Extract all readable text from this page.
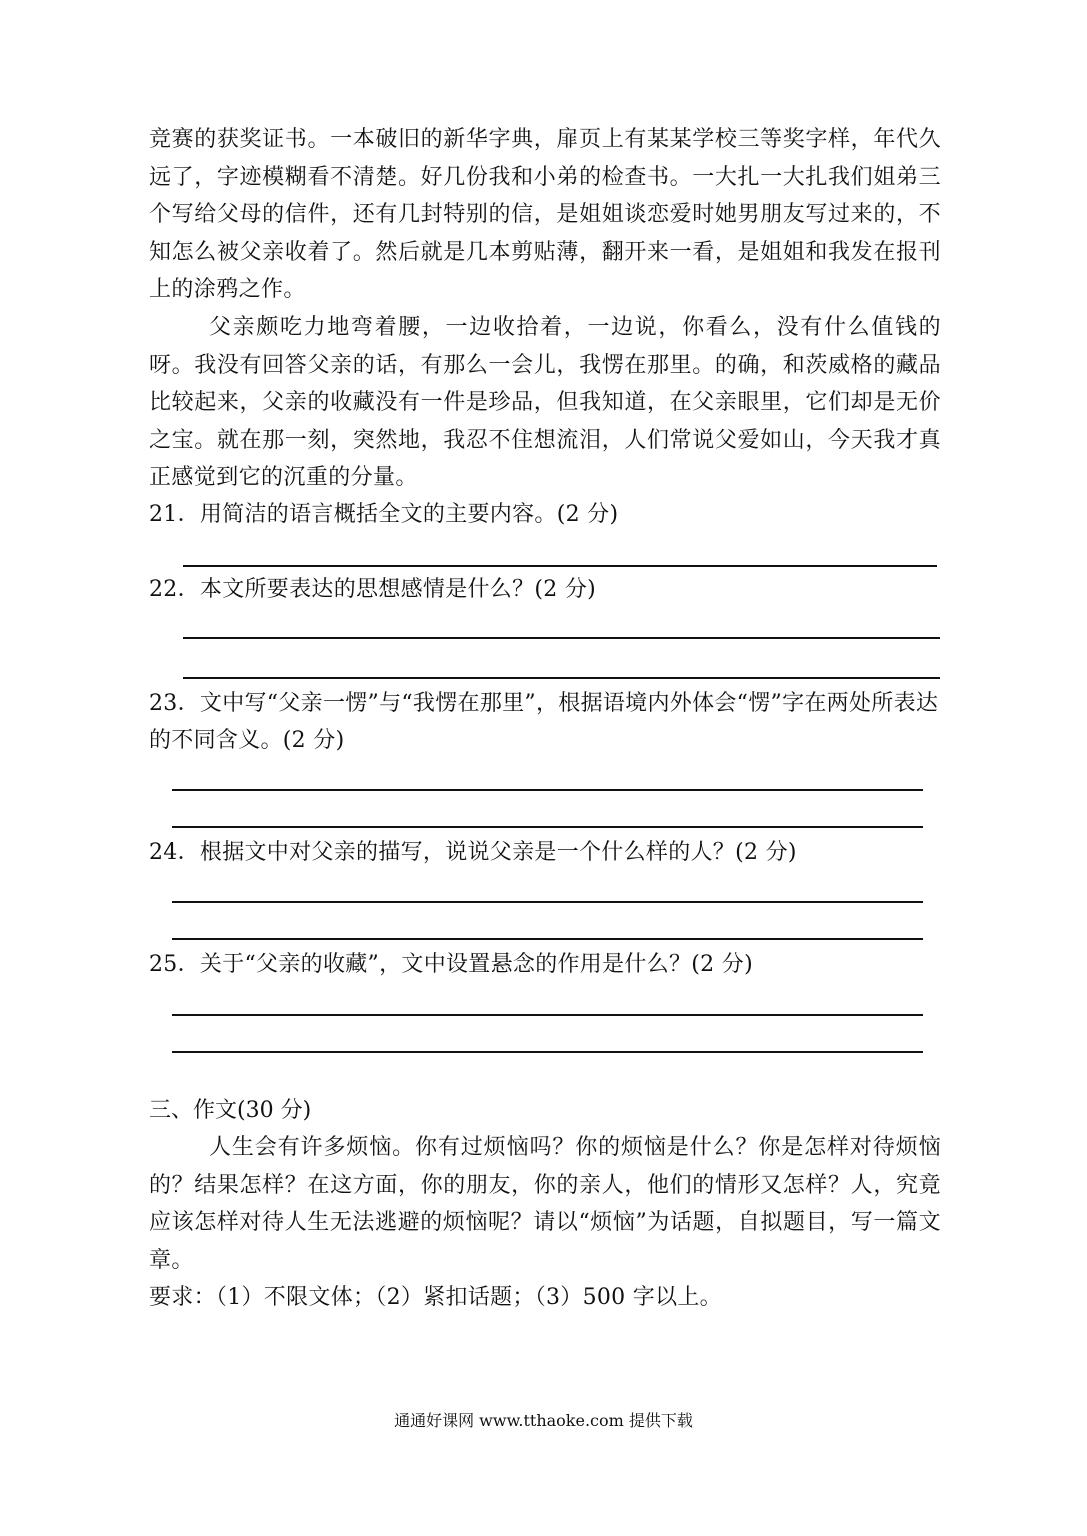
竞赛的获奖证书。一本破旧的新华字典，扉页上有某某学校三等奖字样，年代久远了，字迹模糊看不清楚。好几份我和小弟的检查书。一大扎一大扎我们姐弟三个写给父母的信件，还有几封特别的信，是姐姐谈恋爱时她男朋友写过来的，不知怎么被父亲收着了。然后就是几本剪贴薄，翻开来一看，是姐姐和我发在报刊上的涂鸦之作。

父亲颇吃力地弯着腰，一边收拾着，一边说，你看么，没有什么值钱的呀。我没有回答父亲的话，有那么一会儿，我愣在那里。的确，和茨威格的藏品比较起来，父亲的收藏没有一件是珍品，但我知道，在父亲眼里，它们却是无价之宝。就在那一刻，突然地，我忍不住想流泪，人们常说父爱如山，今天我才真正感觉到它的沉重的分量。

21．用简洁的语言概括全文的主要内容。(2 分)

22．本文所要表达的思想感情是什么？(2 分)

23．文中写“父亲一愣”与“我愣在那里”，根据语境内外体会“愣”字在两处所表达的不同含义。(2 分)

24．根据文中对父亲的描写，说说父亲是一个什么样的人？(2 分)

25．关于“父亲的收藏”，文中设置悬念的作用是什么？(2 分)

三、作文(30 分)

人生会有许多烦恼。你有过烦恼吗？你的烦恼是什么？你是怎样对待烦恼的？结果怎样？在这方面，你的朋友，你的亲人，他们的情形又怎样？人，究竟应该怎样对待人生无法逃避的烦恼呢？请以“烦恼”为话题，自拟题目，写一篇文章。

要求：（1）不限文体；（2）紧扣话题；（3）500 字以上。

通通好课网 www.tthaoke.com 提供下载
